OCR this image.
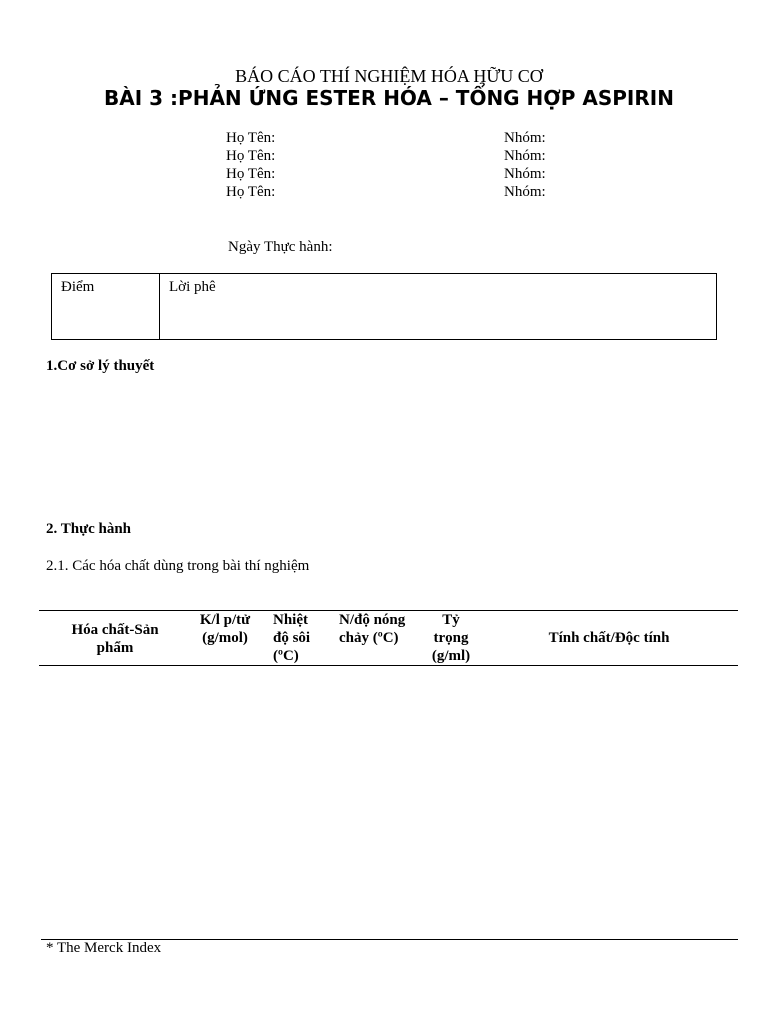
BÁO CÁO THÍ NGHIỆM HÓA HỮU CƠ
BÀI 3 :PHẢN ỨNG ESTER HÓA – TỔNG HỢP ASPIRIN
Họ Tên:
Họ Tên:
Họ Tên:
Họ Tên:
Nhóm:
Nhóm:
Nhóm:
Nhóm:
Ngày Thực hành:
Điểm	Lời phê
1.Cơ sở lý thuyết
2. Thực hành
2.1. Các hóa chất dùng trong bài thí nghiệm
Hóa chất-Sản
phẩm
K/l p/tử
(g/mol)
Nhiệt
độ sôi
(ºC)
N/độ nóng
chảy (ºC)
Tỷ
trọng
(g/ml)
Tính chất/Độc tính
* The Merck Index
